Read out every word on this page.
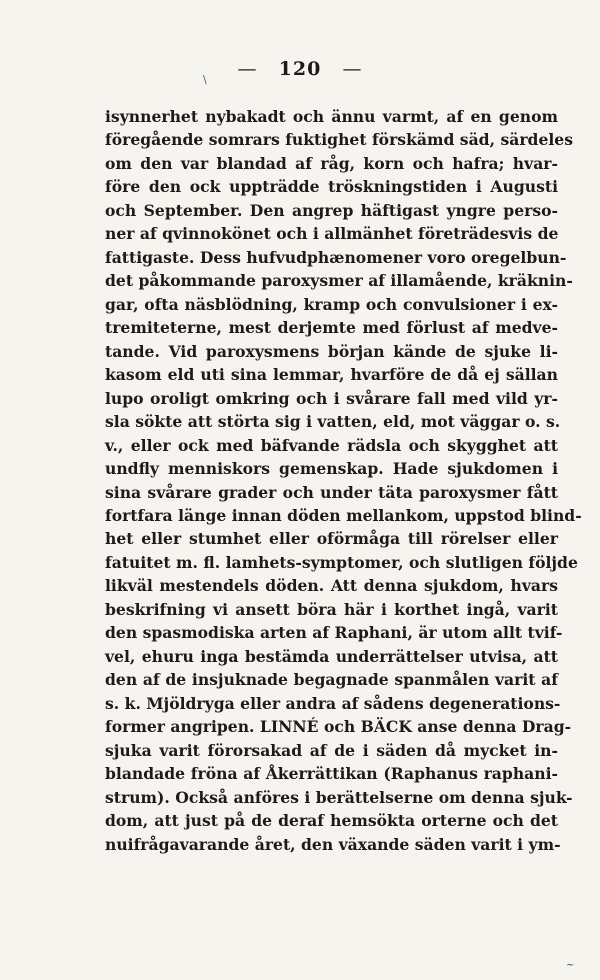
— 120 —
\
isynnerhet nybakadt och ännu varmt, af en genom
föregående somrars fuktighet förskämd säd, särdeles
om den var blandad af råg, korn och hafra; hvar-
före den ock uppträdde tröskningstiden i Augusti
och September. Den angrep häftigast yngre perso-
ner af qvinnokönet och i allmänhet företrädesvis de
fattigaste. Dess hufvudphænomener voro oregelbun-
det påkommande paroxysmer af illamående, kräknin-
gar, ofta näsblödning, kramp och convulsioner i ex-
tremiteterne, mest derjemte med förlust af medve-
tande. Vid paroxysmens början kände de sjuke li-
kasom eld uti sina lemmar, hvarföre de då ej sällan
lupo oroligt omkring och i svårare fall med vild yr-
sla sökte att störta sig i vatten, eld, mot väggar o. s.
v., eller ock med bäfvande rädsla och skygghet att
undfly menniskors gemenskap. Hade sjukdomen i
sina svårare grader och under täta paroxysmer fått
fortfara länge innan döden mellankom, uppstod blind-
het eller stumhet eller oförmåga till rörelser eller
fatuitet m. fl. lamhets-symptomer, och slutligen följde
likväl mestendels döden. Att denna sjukdom, hvars
beskrifning vi ansett böra här i korthet ingå, varit
den spasmodiska arten af Raphani, är utom allt tvif-
vel, ehuru inga bestämda underrättelser utvisa, att
den af de insjuknade begagnade spanmålen varit af
s. k. Mjöldryga eller andra af sådens degenerations-
former angripen. LINNÉ och BÄCK anse denna Drag-
sjuka varit förorsakad af de i säden då mycket in-
blandade fröna af Åkerrättikan (Raphanus raphani-
strum). Också anföres i berättelserne om denna sjuk-
dom, att just på de deraf hemsökta orterne och det
nuifrågavarande året, den växande säden varit i ym-
~
